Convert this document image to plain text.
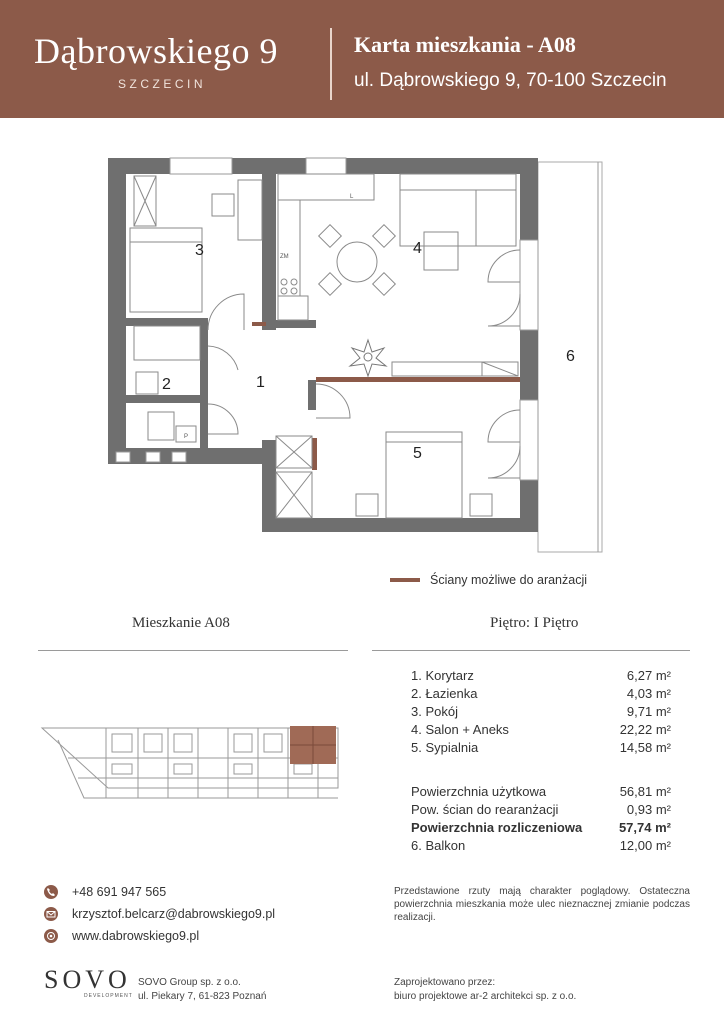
Dąbrowskiego 9
SZCZECIN
Karta mieszkania - A08
ul. Dąbrowskiego 9, 70-100 Szczecin
3	4
2	1
5
6
L
ZM
P
Ściany możliwe do aranżacji
Mieszkanie A08	Piętro: I Piętro
1. Korytarz	6,27 m²
2. Łazienka	4,03 m²
3. Pokój	9,71 m²
4. Salon + Aneks	22,22 m²
5. Sypialnia	14,58 m²
Powierzchnia użytkowa	56,81 m²
Pow. ścian do rearanżacji	0,93 m²
Powierzchnia rozliczeniowa	57,74 m²
6. Balkon	12,00 m²
+48 691 947 565
krzysztof.belcarz@dabrowskiego9.pl
www.dabrowskiego9.pl
Przedstawione rzuty mają charakter poglądowy. Ostateczna powierzchnia mieszkania może ulec nieznacznej zmianie podczas realizacji.
SOVO
DEVELOPMENT
SOVO Group sp. z o.o.
ul. Piekary 7, 61-823 Poznań
Zaprojektowano przez:
biuro projektowe ar-2 architekci sp. z o.o.
